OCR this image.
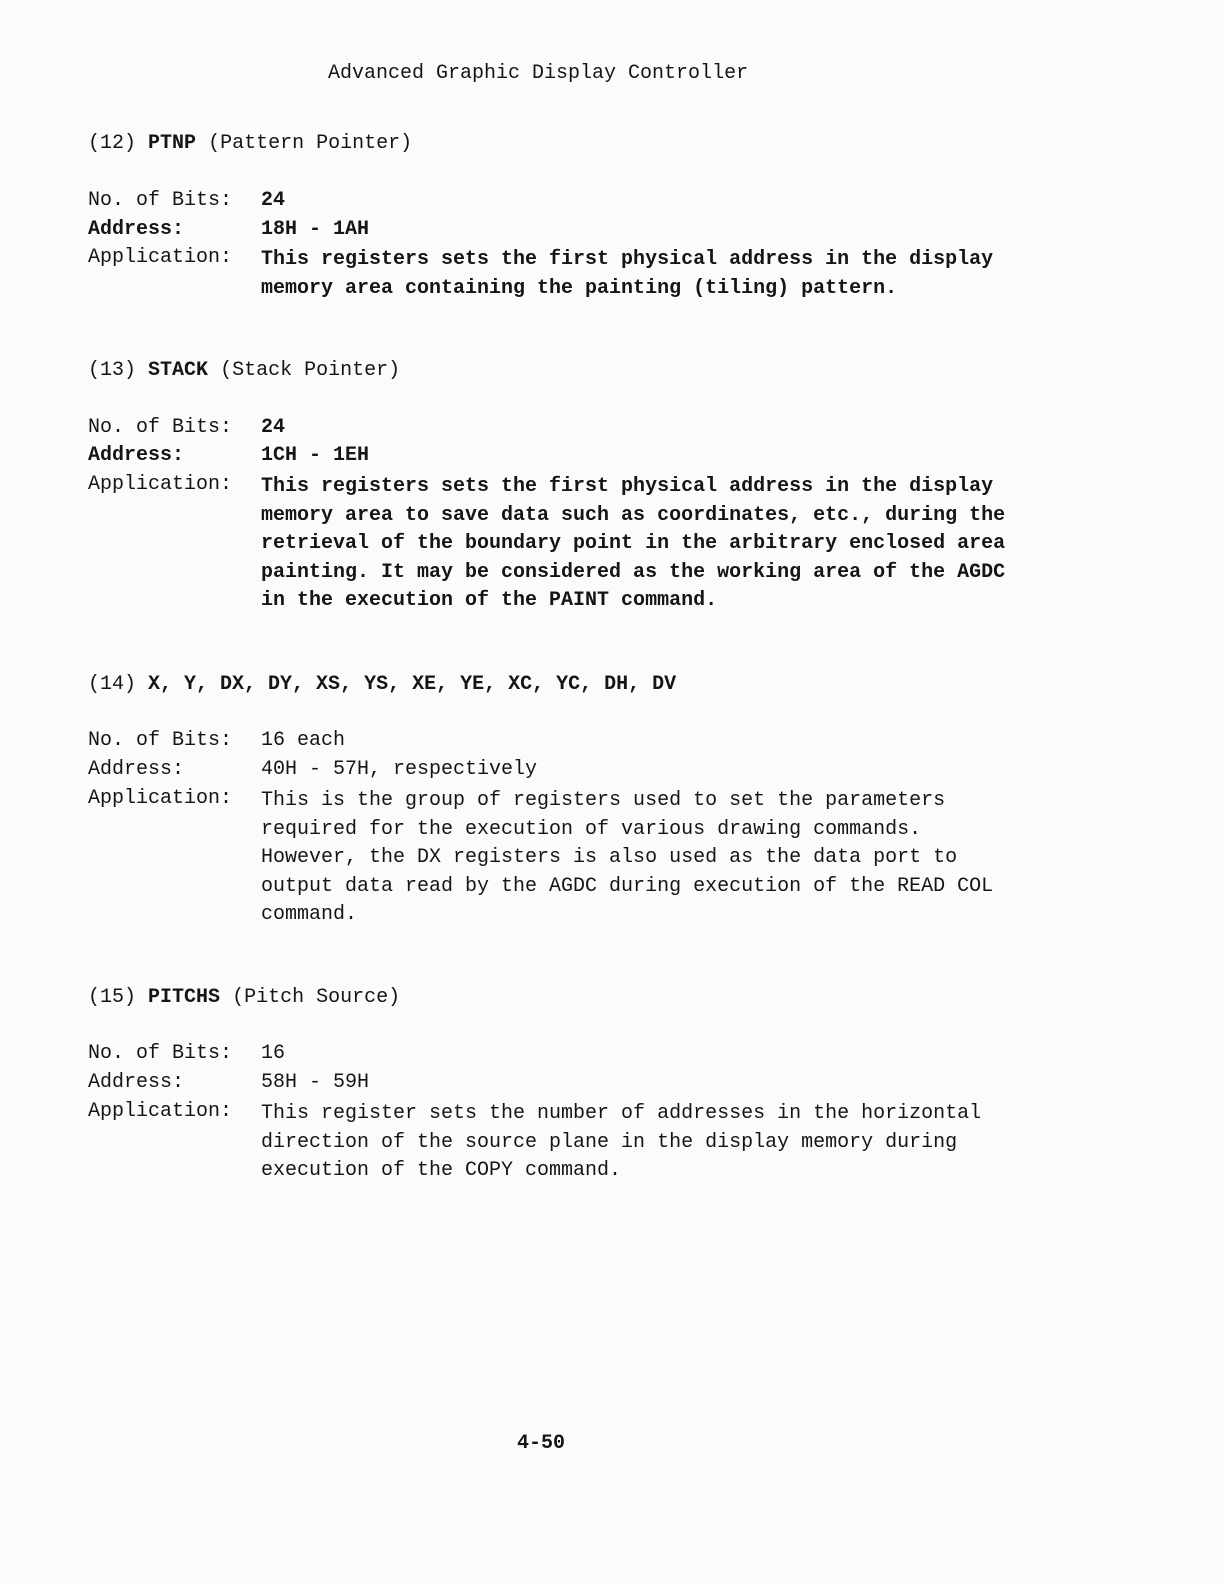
Advanced Graphic Display Controller
(12) PTNP (Pattern Pointer)
No. of Bits:	24
Address:	18H - 1AH
Application:	This registers sets the first physical address in the display
memory area containing the painting (tiling) pattern.
(13) STACK (Stack Pointer)
No. of Bits:	24
Address:	1CH - 1EH
Application:	This registers sets the first physical address in the display
memory area to save data such as coordinates, etc., during the
retrieval of the boundary point in the arbitrary enclosed area
painting. It may be considered as the working area of the AGDC
in the execution of the PAINT command.
(14) X, Y, DX, DY, XS, YS, XE, YE, XC, YC, DH, DV
No. of Bits:	16 each
Address:	40H - 57H, respectively
Application:	This is the group of registers used to set the parameters
required for the execution of various drawing commands.
However, the DX registers is also used as the data port to
output data read by the AGDC during execution of the READ COL
command.
(15) PITCHS (Pitch Source)
No. of Bits:	16
Address:	58H - 59H
Application:	This register sets the number of addresses in the horizontal
direction of the source plane in the display memory during
execution of the COPY command.
4-50
